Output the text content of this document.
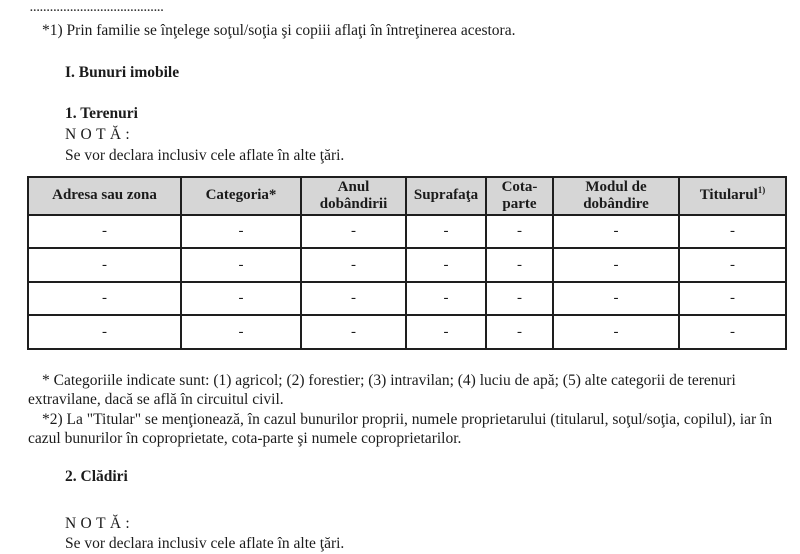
........................................

*1) Prin familie se înţelege soţul/soţia şi copiii aflaţi în întreţinerea acestora.

I. Bunuri imobile
1. Terenuri
NOTĂ:
Se vor declara inclusiv cele aflate în alte ţări.
Adresa sau zona	Categoria*	Anul dobândirii	Suprafaţa	Cota-parte	Modul de dobândire	Titularul$^{1)}$
-	-	-	-	-	-	-
-	-	-	-	-	-	-
-	-	-	-	-	-	-
-	-	-	-	-	-	-

* Categoriile indicate sunt: (1) agricol; (2) forestier; (3) intravilan; (4) luciu de apă; (5) alte categorii de terenuri extravilane, dacă se află în circuitul civil.

*2) La "Titular" se menţionează, în cazul bunurilor proprii, numele proprietarului (titularul, soţul/soţia, copilul), iar în cazul bunurilor în coproprietate, cota-parte şi numele coproprietarilor.

2. Clădiri
NOTĂ:
Se vor declara inclusiv cele aflate în alte ţări.
